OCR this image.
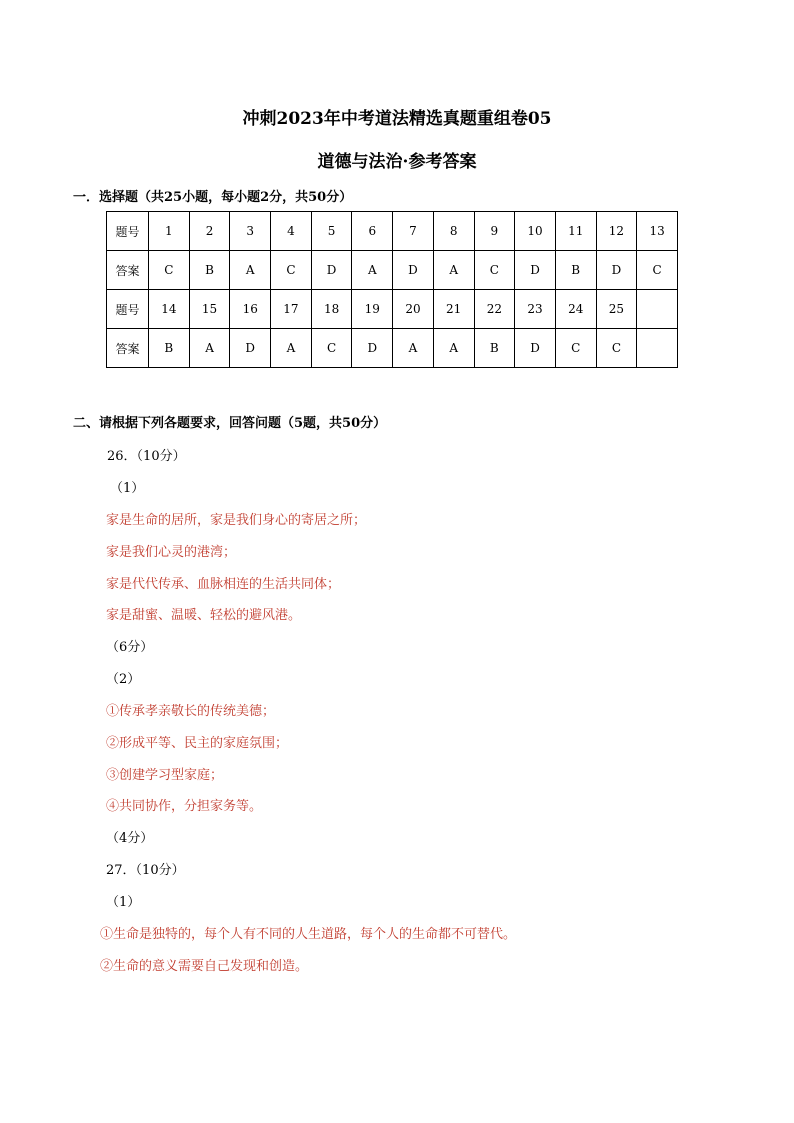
冲刺2023年中考道法精选真题重组卷05
道德与法治·参考答案
一．选择题（共25小题，每小题2分，共50分）
题号	1	2	3	4	5	6	7	8	9	10	11	12	13
答案	C	B	A	C	D	A	D	A	C	D	B	D	C
题号	14	15	16	17	18	19	20	21	22	23	24	25	
答案	B	A	D	A	C	D	A	A	B	D	C	C	
二、请根据下列各题要求，回答问题（5题，共50分）
26．（10分）
（1）
家是生命的居所，家是我们身心的寄居之所；
家是我们心灵的港湾；
家是代代传承、血脉相连的生活共同体；
家是甜蜜、温暖、轻松的避风港。
（6分）
（2）
①传承孝亲敬长的传统美德；
②形成平等、民主的家庭氛围；
③创建学习型家庭；
④共同协作，分担家务等。
（4分）
27．（10分）
（1）
①生命是独特的，每个人有不同的人生道路，每个人的生命都不可替代。
②生命的意义需要自己发现和创造。
